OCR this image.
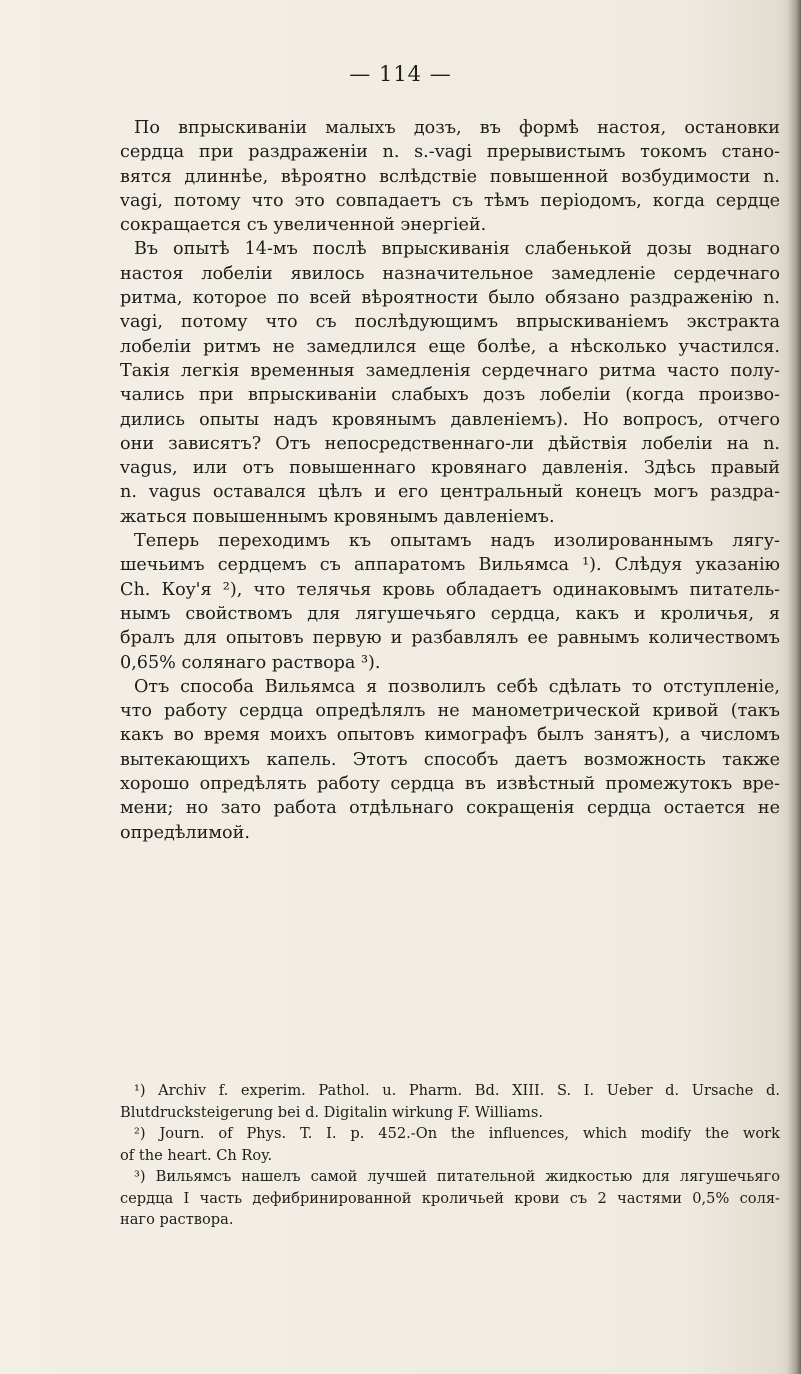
— 114 —
По впрыскиваніи малыхъ дозъ, въ формѣ настоя, остановки
сердца при раздраженіи n. s.-vagi прерывистымъ токомъ стано-
вятся длиннѣе, вѣроятно вслѣдствіе повышенной возбудимости n.
vagi, потому что это совпадаетъ съ тѣмъ періодомъ, когда сердце
сокращается съ увеличенной энергіей.
Въ опытѣ 14-мъ послѣ впрыскиванія слабенькой дозы воднаго
настоя лобеліи явилось назначительное замедленіе сердечнаго
ритма, которое по всей вѣроятности было обязано раздраженію n.
vagi, потому что съ послѣдующимъ впрыскиваніемъ экстракта
лобеліи ритмъ не замедлился еще болѣе, а нѣсколько участился.
Такія легкія временныя замедленія сердечнаго ритма часто полу-
чались при впрыскиваніи слабыхъ дозъ лобеліи (когда произво-
дились опыты надъ кровянымъ давленіемъ). Но вопросъ, отчего
они зависятъ? Отъ непосредственнаго-ли дѣйствія лобеліи на n.
vagus, или отъ повышеннаго кровянаго давленія. Здѣсь правый
n. vagus оставался цѣлъ и его центральный конецъ могъ раздра-
жаться повышеннымъ кровянымъ давленіемъ.
Теперь переходимъ къ опытамъ надъ изолированнымъ лягу-
шечьимъ сердцемъ съ аппаратомъ Вильямса ¹). Слѣдуя указанію
Ch. Кoy'я ²), что телячья кровь обладаетъ одинаковымъ питатель-
нымъ свойствомъ для лягушечьяго сердца, какъ и кроличья, я
бралъ для опытовъ первую и разбавлялъ ее равнымъ количествомъ
0,65% солянаго раствора ³).
Отъ способа Вильямса я позволилъ себѣ сдѣлать то отступленіе,
что работу сердца опредѣлялъ не манометрической кривой (такъ
какъ во время моихъ опытовъ кимографъ былъ занятъ), а числомъ
вытекающихъ капель. Этотъ способъ даетъ возможность также
хорошо опредѣлять работу сердца въ извѣстный промежутокъ вре-
мени; но зато работа отдѣльнаго сокращенія сердца остается не
опредѣлимой.
¹) Archiv f. experim. Pathol. u. Pharm. Bd. XIII. S. I. Ueber d. Ursache d.
Blutdrucksteigerung bei d. Digitalin wirkung F. Williams.
²) Journ. of Phys. T. I. p. 452.-On the influences, which modify the work
of the heart. Ch Roy.
³) Вильямсъ нашелъ самой лучшей питательной жидкостью для лягушечьяго
сердца I часть дефибринированной кроличьей крови съ 2 частями 0,5% соля-
наго раствора.
